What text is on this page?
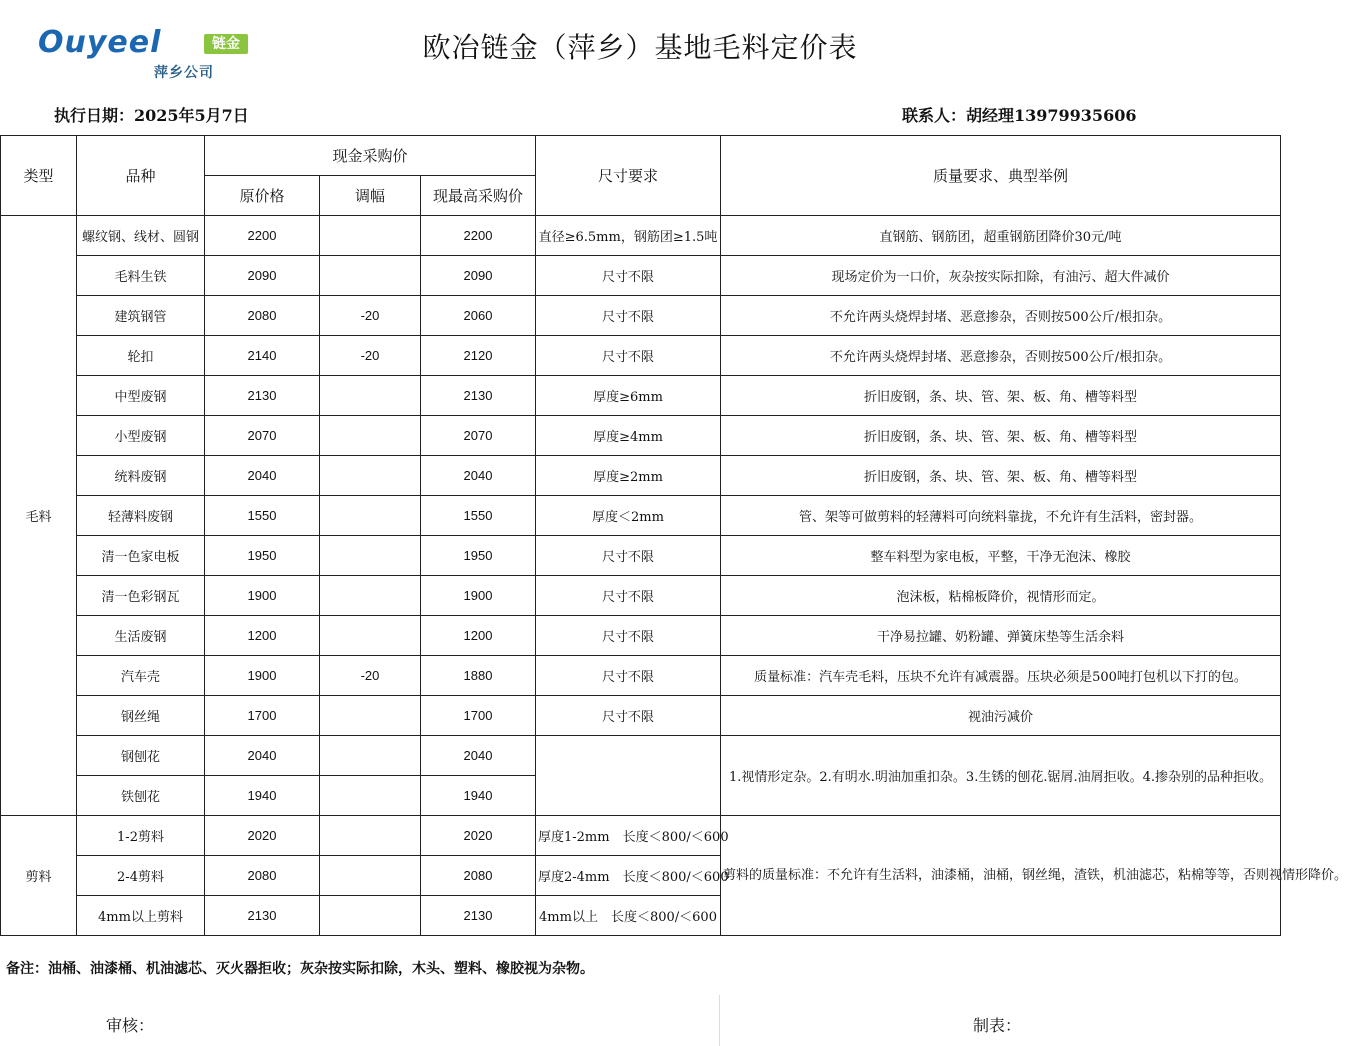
Ouyeel	链金
萍乡公司
欧冶链金（萍乡）基地毛料定价表
执行日期：2025年5月7日	联系人：胡经理13979935606
类型	品种	现金采购价			尺寸要求	质量要求、典型举例
		原价格	调幅	现最高采购价		
毛料	螺纹钢、线材、圆钢	2200		2200	直径≥6.5mm，钢筋团≥1.5吨	直钢筋、钢筋团，超重钢筋团降价30元/吨
	毛料生铁	2090		2090	尺寸不限	现场定价为一口价，灰杂按实际扣除，有油污、超大件减价
	建筑钢管	2080	-20	2060	尺寸不限	不允许两头烧焊封堵、恶意掺杂，否则按500公斤/根扣杂。
	轮扣	2140	-20	2120	尺寸不限	不允许两头烧焊封堵、恶意掺杂，否则按500公斤/根扣杂。
	中型废钢	2130		2130	厚度≥6mm	折旧废钢，条、块、管、架、板、角、槽等料型
	小型废钢	2070		2070	厚度≥4mm	折旧废钢，条、块、管、架、板、角、槽等料型
	统料废钢	2040		2040	厚度≥2mm	折旧废钢，条、块、管、架、板、角、槽等料型
	轻薄料废钢	1550		1550	厚度＜2mm	管、架等可做剪料的轻薄料可向统料靠拢，不允许有生活料，密封器。
	清一色家电板	1950		1950	尺寸不限	整车料型为家电板，平整，干净无泡沫、橡胶
	清一色彩钢瓦	1900		1900	尺寸不限	泡沫板，粘棉板降价，视情形而定。
	生活废钢	1200		1200	尺寸不限	干净易拉罐、奶粉罐、弹簧床垫等生活余料
	汽车壳	1900	-20	1880	尺寸不限	质量标准：汽车壳毛料，压块不允许有减震器。压块必须是500吨打包机以下打的包。
	钢丝绳	1700		1700	尺寸不限	视油污减价
	钢刨花	2040		2040		1.视情形定杂。2.有明水.明油加重扣杂。3.生锈的刨花.锯屑.油屑拒收。4.掺杂别的品种拒收。
	铁刨花	1940		1940		
剪料	1-2剪料	2020		2020	厚度1-2mm　长度＜800/＜600	剪料的质量标准：不允许有生活料，油漆桶，油桶，钢丝绳，渣铁，机油滤芯，粘棉等等，否则视情形降价。
	2-4剪料	2080		2080	厚度2-4mm　长度＜800/＜600	
	4mm以上剪料	2130		2130	4mm以上　长度＜800/＜600	
备注：油桶、油漆桶、机油滤芯、灭火器拒收；灰杂按实际扣除，木头、塑料、橡胶视为杂物。
审核：	制表：
